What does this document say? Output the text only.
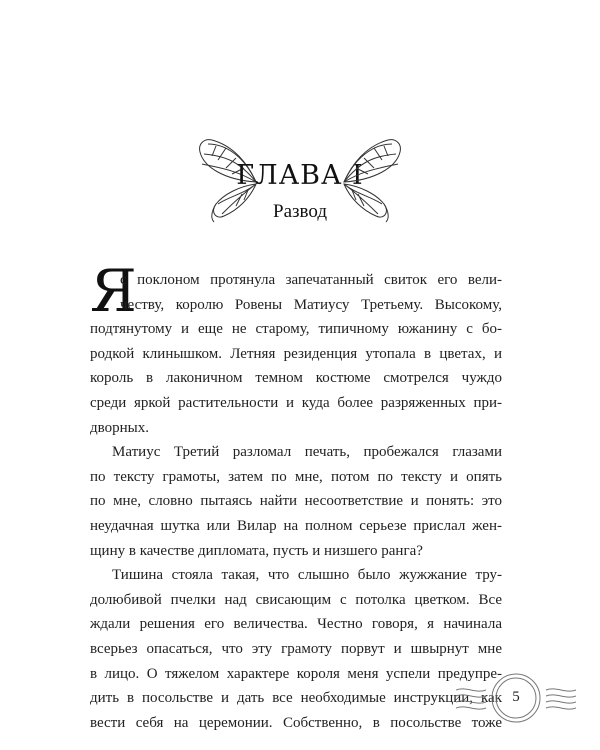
ГЛАВА I
Развод
Я
с поклоном протянула запечатанный свиток его вели-
честву, королю Ровены Матиусу Третьему. Высокому,
подтянутому и еще не старому, типичному южанину с бо-
родкой клинышком. Летняя резиденция утопала в цветах, и
король в лаконичном темном костюме смотрелся чуждо
среди яркой растительности и куда более разряженных при-
дворных.
Матиус Третий разломал печать, пробежался глазами
по тексту грамоты, затем по мне, потом по тексту и опять
по мне, словно пытаясь найти несоответствие и понять: это
неудачная шутка или Вилар на полном серьезе прислал жен-
щину в качестве дипломата, пусть и низшего ранга?
Тишина стояла такая, что слышно было жужжание тру-
долюбивой пчелки над свисающим с потолка цветком. Все
ждали решения его величества. Честно говоря, я начинала
всерьез опасаться, что эту грамоту порвут и швырнут мне
в лицо. О тяжелом характере короля меня успели предупре-
дить в посольстве и дать все необходимые инструкции, как
вести себя на церемонии. Собственно, в посольстве тоже
5
